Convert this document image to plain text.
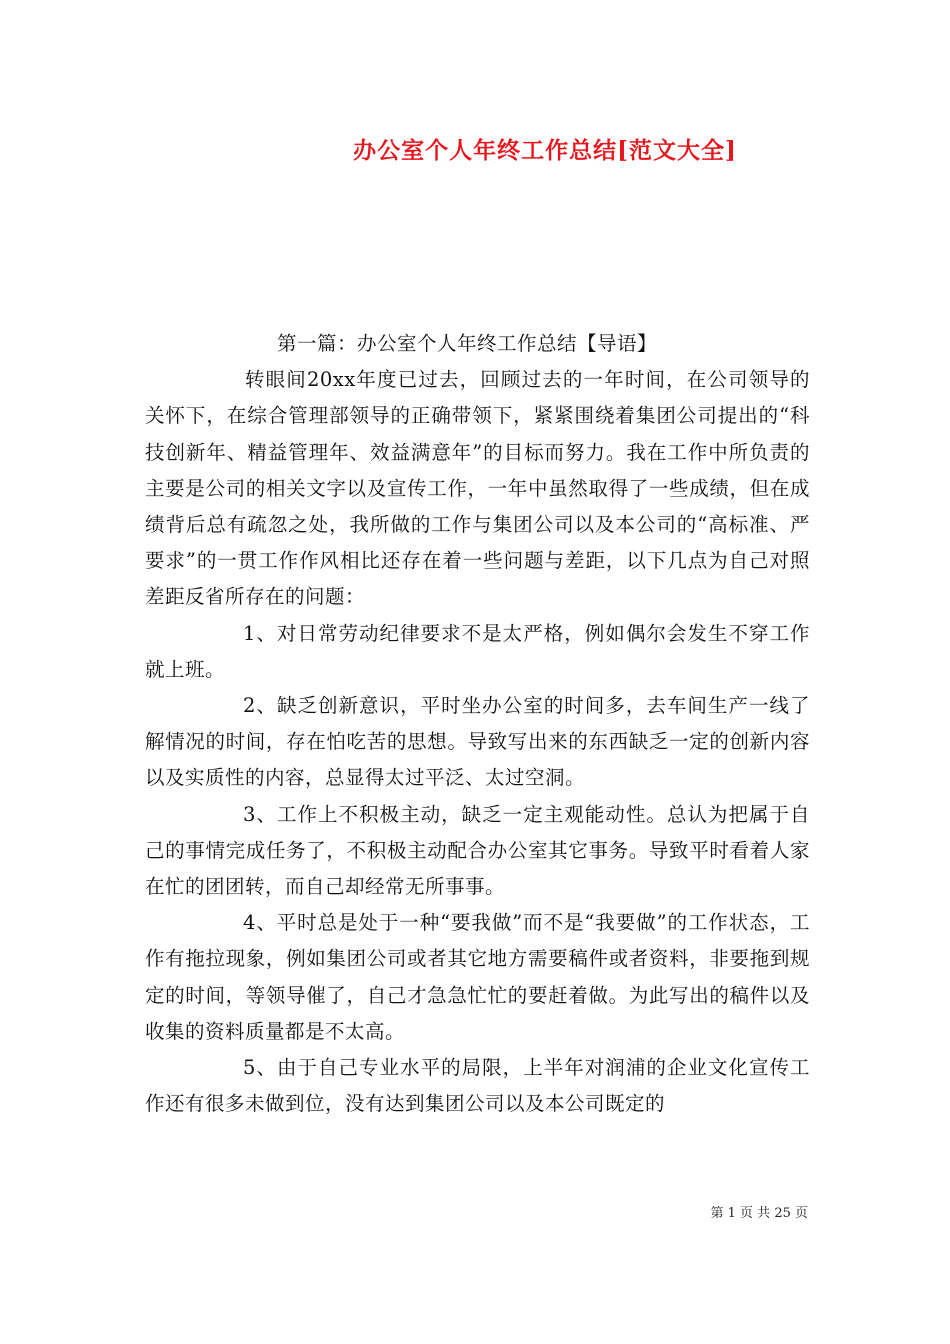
办公室个人年终工作总结[范文大全]

第一篇：办公室个人年终工作总结【导语】

转眼间20xx年度已过去，回顾过去的一年时间，在公司领导的关怀下，在综合管理部领导的正确带领下，紧紧围绕着集团公司提出的“科技创新年、精益管理年、效益满意年”的目标而努力。我在工作中所负责的主要是公司的相关文字以及宣传工作，一年中虽然取得了一些成绩，但在成绩背后总有疏忽之处，我所做的工作与集团公司以及本公司的“高标准、严要求”的一贯工作作风相比还存在着一些问题与差距，以下几点为自己对照差距反省所存在的问题：

1、对日常劳动纪律要求不是太严格，例如偶尔会发生不穿工作就上班。

2、缺乏创新意识，平时坐办公室的时间多，去车间生产一线了解情况的时间，存在怕吃苦的思想。导致写出来的东西缺乏一定的创新内容以及实质性的内容，总显得太过平泛、太过空洞。

3、工作上不积极主动，缺乏一定主观能动性。总认为把属于自己的事情完成任务了，不积极主动配合办公室其它事务。导致平时看着人家在忙的团团转，而自己却经常无所事事。

4、平时总是处于一种“要我做”而不是“我要做”的工作状态，工作有拖拉现象，例如集团公司或者其它地方需要稿件或者资料，非要拖到规定的时间，等领导催了，自己才急急忙忙的要赶着做。为此写出的稿件以及收集的资料质量都是不太高。

5、由于自己专业水平的局限，上半年对润浦的企业文化宣传工作还有很多未做到位，没有达到集团公司以及本公司既定的

第 1 页 共 25 页
